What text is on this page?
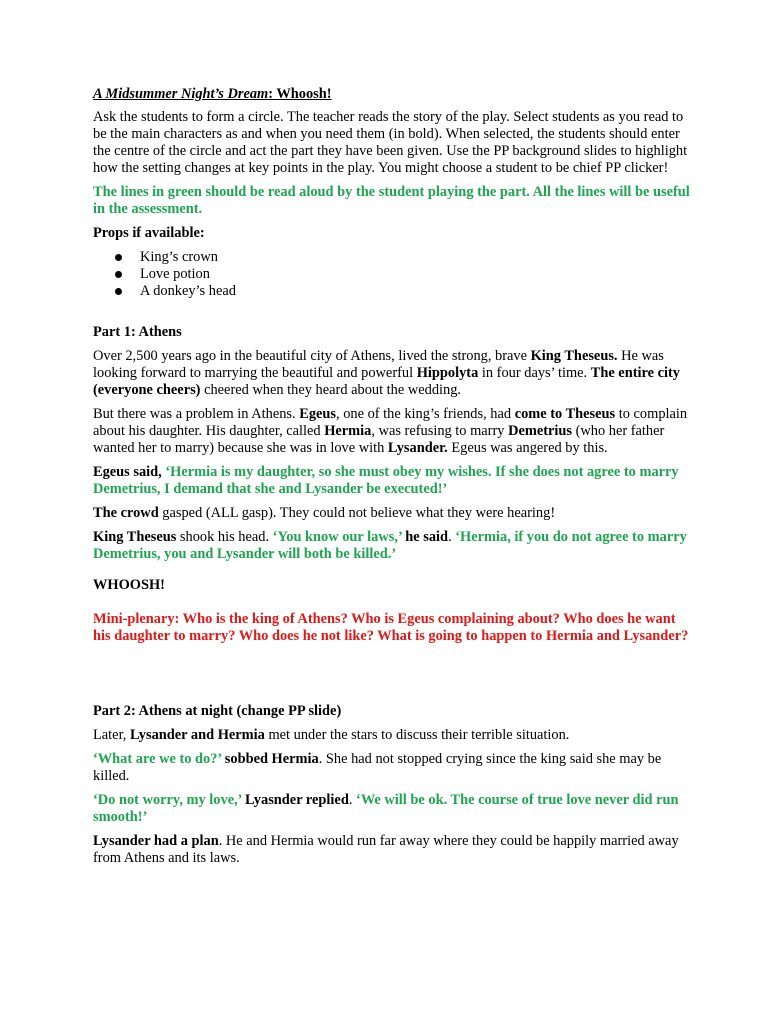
A Midsummer Night’s Dream: Whoosh!

Ask the students to form a circle. The teacher reads the story of the play. Select students as you read to be the main characters as and when you need them (in bold). When selected, the students should enter the centre of the circle and act the part they have been given. Use the PP background slides to highlight how the setting changes at key points in the play. You might choose a student to be chief PP clicker!

The lines in green should be read aloud by the student playing the part. All the lines will be useful in the assessment.

Props if available:

King’s crown
Love potion
A donkey’s head

Part 1: Athens

Over 2,500 years ago in the beautiful city of Athens, lived the strong, brave King Theseus. He was looking forward to marrying the beautiful and powerful Hippolyta in four days’ time. The entire city (everyone cheers) cheered when they heard about the wedding.

But there was a problem in Athens. Egeus, one of the king’s friends, had come to Theseus to complain about his daughter. His daughter, called Hermia, was refusing to marry Demetrius (who her father wanted her to marry) because she was in love with Lysander. Egeus was angered by this.

Egeus said, ‘Hermia is my daughter, so she must obey my wishes. If she does not agree to marry Demetrius, I demand that she and Lysander be executed!’

The crowd gasped (ALL gasp). They could not believe what they were hearing!

King Theseus shook his head. ‘You know our laws,’ he said. ‘Hermia, if you do not agree to marry Demetrius, you and Lysander will both be killed.’

WHOOSH!

Mini-plenary: Who is the king of Athens? Who is Egeus complaining about? Who does he want his daughter to marry? Who does he not like? What is going to happen to Hermia and Lysander?

Part 2: Athens at night (change PP slide)

Later, Lysander and Hermia met under the stars to discuss their terrible situation.

‘What are we to do?’ sobbed Hermia. She had not stopped crying since the king said she may be killed.

‘Do not worry, my love,’ Lyasnder replied. ‘We will be ok. The course of true love never did run smooth!’

Lysander had a plan. He and Hermia would run far away where they could be happily married away from Athens and its laws.
